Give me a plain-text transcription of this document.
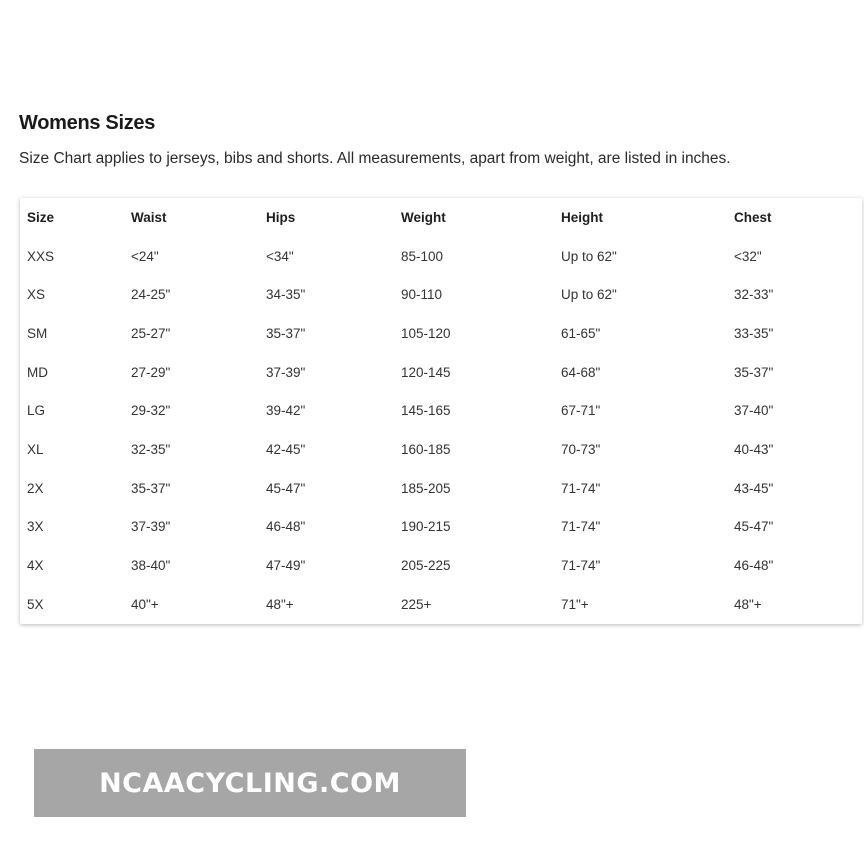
Womens Sizes

Size Chart applies to jerseys, bibs and shorts. All measurements, apart from weight, are listed in inches.

Size	Waist	Hips	Weight	Height	Chest
XXS	<24"	<34"	85-100	Up to 62"	<32"
XS	24-25"	34-35"	90-110	Up to 62"	32-33"
SM	25-27"	35-37"	105-120	61-65"	33-35"
MD	27-29"	37-39"	120-145	64-68"	35-37"
LG	29-32"	39-42"	145-165	67-71"	37-40"
XL	32-35"	42-45"	160-185	70-73"	40-43"
2X	35-37"	45-47"	185-205	71-74"	43-45"
3X	37-39"	46-48"	190-215	71-74"	45-47"
4X	38-40"	47-49"	205-225	71-74"	46-48"
5X	40"+	48"+	225+	71"+	48"+
NCAACYCLING.COM
